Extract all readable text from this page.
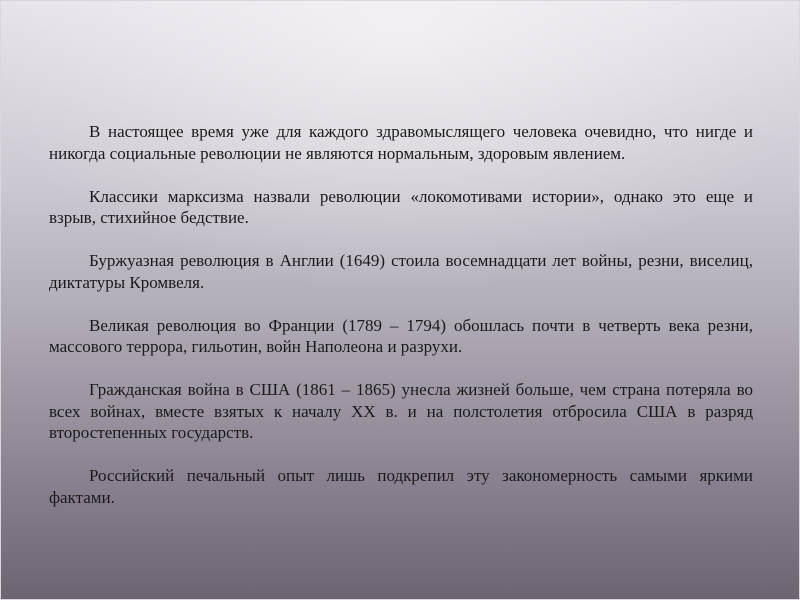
В настоящее время уже для каждого здравомыслящего человека очевидно, что нигде и никогда социальные революции не являются нормальным, здоровым явлением.

Классики марксизма назвали революции «локомотивами истории», однако это еще и взрыв, стихийное бедствие.

Буржуазная революция в Англии (1649) стоила восемнадцати лет войны, резни, виселиц, диктатуры Кромвеля.

Великая революция во Франции (1789 – 1794) обошлась почти в четверть века резни, массового террора, гильотин, войн Наполеона и разрухи.

Гражданская война в США (1861 – 1865) унесла жизней больше, чем страна потеряла во всех войнах, вместе взятых к началу XX в. и на полстолетия отбросила США в разряд второстепенных государств.

Российский печальный опыт лишь подкрепил эту закономерность самыми яркими фактами.
